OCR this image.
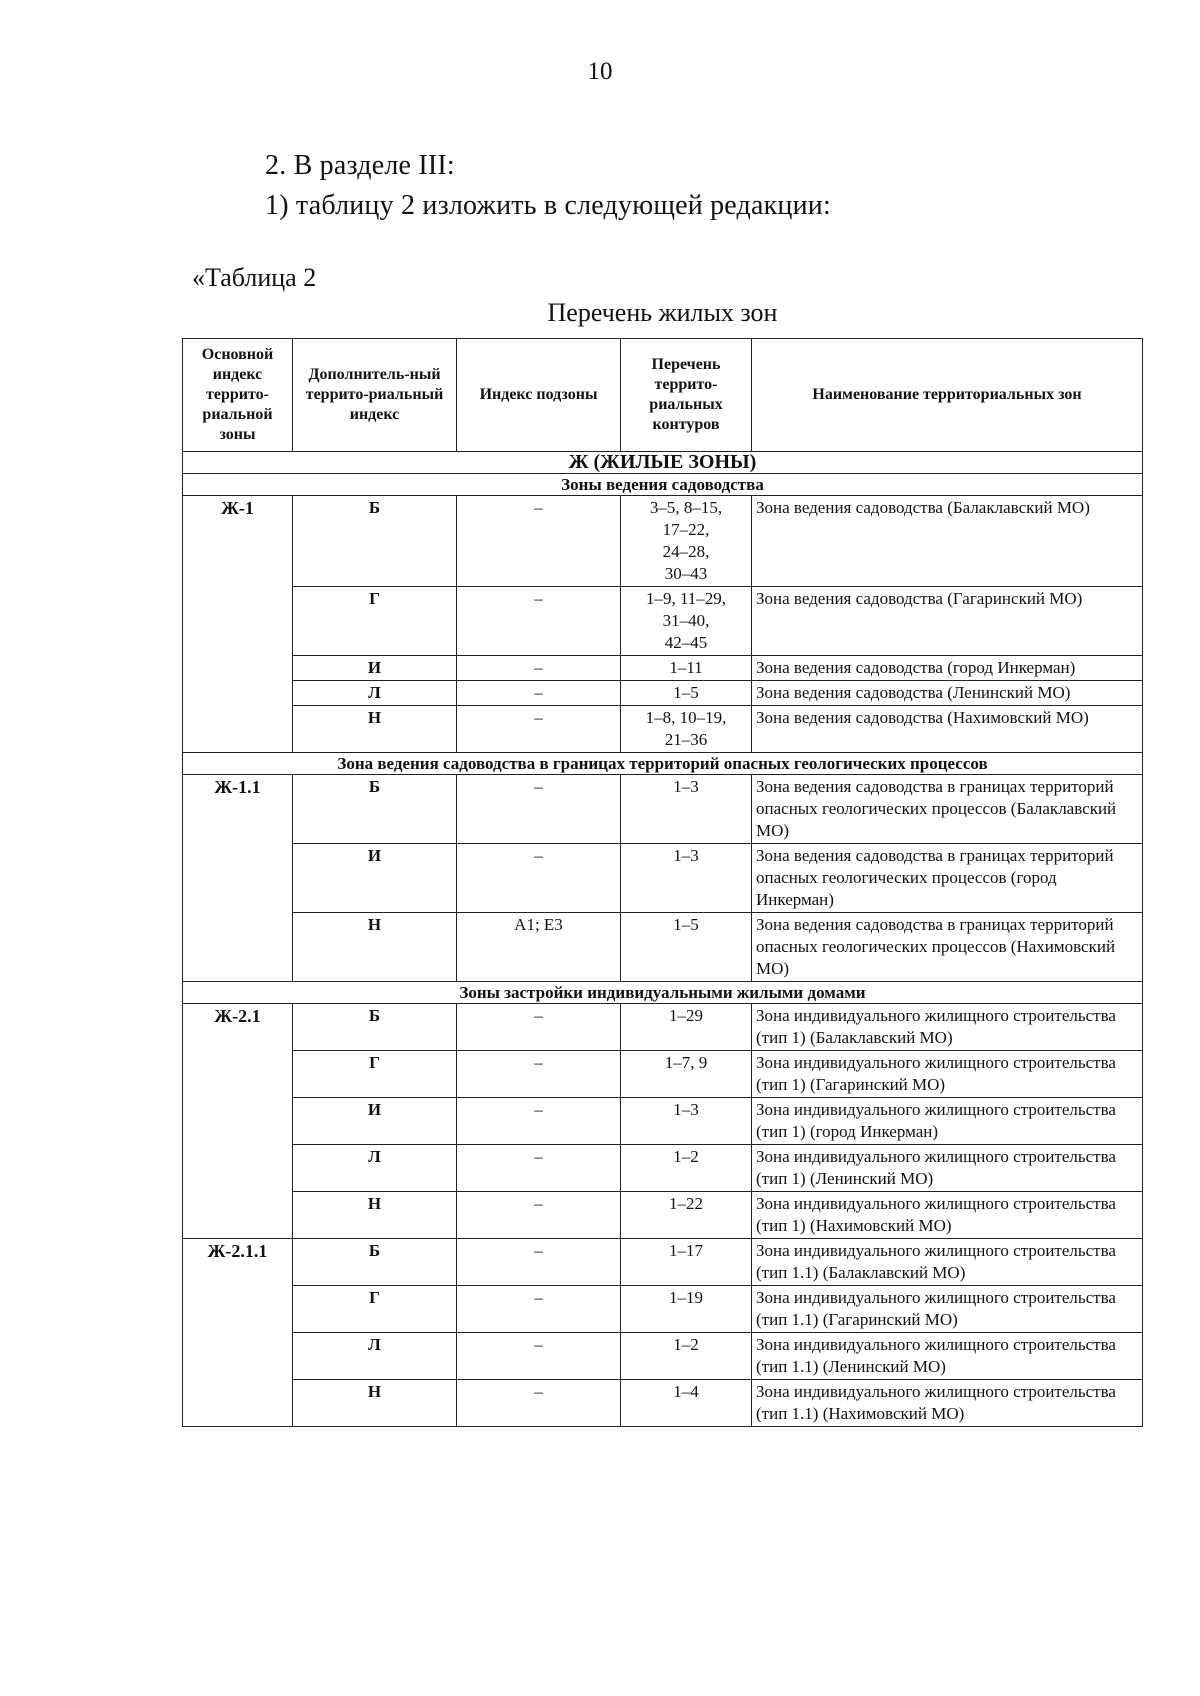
10
2. В разделе III:
1) таблицу 2 изложить в следующей редакции:
«Таблица 2
Перечень жилых зон
Основной индекс террито-риальной зоны	Дополнитель-ный террито-риальный индекс	Индекс подзоны	Перечень террито-риальных контуров	Наименование территориальных зон
Ж (ЖИЛЫЕ ЗОНЫ)				
Зоны ведения садоводства				
Ж-1	Б	–	3–5, 8–15,
17–22,
24–28,
30–43	Зона ведения садоводства (Балаклавский МО)
	Г	–	1–9, 11–29,
31–40,
42–45	Зона ведения садоводства (Гагаринский МО)
	И	–	1–11	Зона ведения садоводства (город Инкерман)
	Л	–	1–5	Зона ведения садоводства (Ленинский МО)
	Н	–	1–8, 10–19,
21–36	Зона ведения садоводства (Нахимовский МО)
Зона ведения садоводства в границах территорий опасных геологических процессов				
Ж-1.1	Б	–	1–3	Зона ведения садоводства в границах территорий опасных геологических процессов (Балаклавский МО)
	И	–	1–3	Зона ведения садоводства в границах территорий опасных геологических процессов (город Инкерман)
	Н	А1; Е3	1–5	Зона ведения садоводства в границах территорий опасных геологических процессов (Нахимовский МО)
Зоны застройки индивидуальными жилыми домами				
Ж-2.1	Б	–	1–29	Зона индивидуального жилищного строительства (тип 1) (Балаклавский МО)
	Г	–	1–7, 9	Зона индивидуального жилищного строительства (тип 1) (Гагаринский МО)
	И	–	1–3	Зона индивидуального жилищного строительства (тип 1) (город Инкерман)
	Л	–	1–2	Зона индивидуального жилищного строительства (тип 1) (Ленинский МО)
	Н	–	1–22	Зона индивидуального жилищного строительства (тип 1) (Нахимовский МО)
Ж-2.1.1	Б	–	1–17	Зона индивидуального жилищного строительства (тип 1.1) (Балаклавский МО)
	Г	–	1–19	Зона индивидуального жилищного строительства (тип 1.1) (Гагаринский МО)
	Л	–	1–2	Зона индивидуального жилищного строительства (тип 1.1) (Ленинский МО)
	Н	–	1–4	Зона индивидуального жилищного строительства (тип 1.1) (Нахимовский МО)
